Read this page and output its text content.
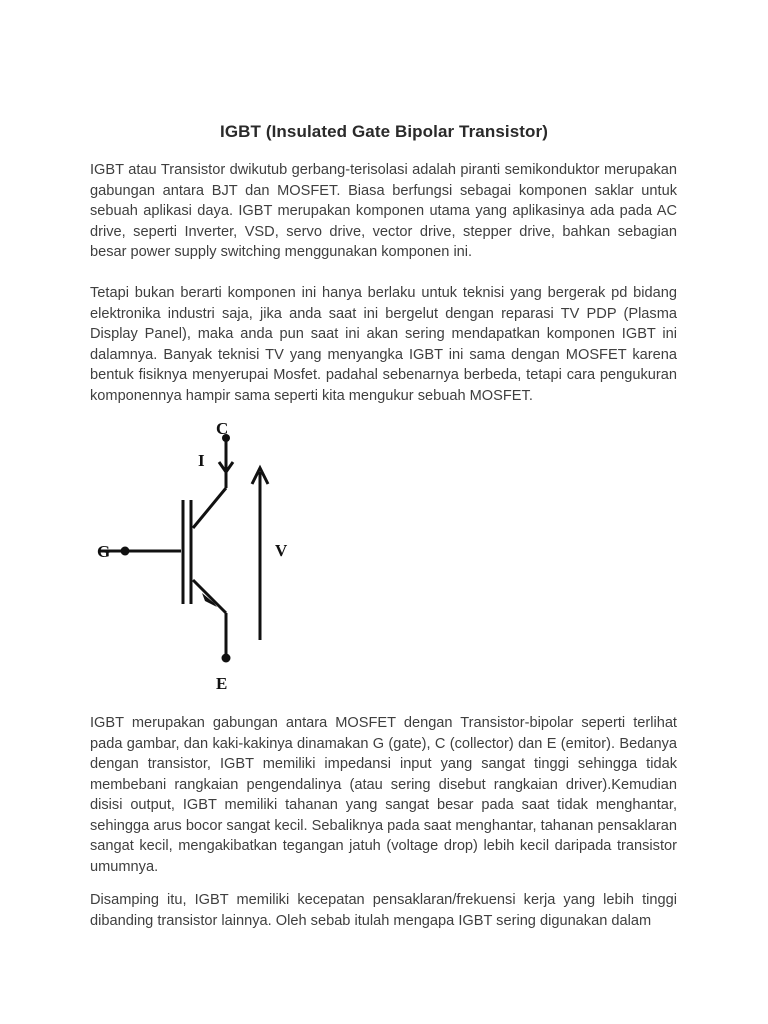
IGBT (Insulated Gate Bipolar Transistor)

IGBT atau Transistor dwikutub gerbang-terisolasi adalah piranti semikonduktor merupakan gabungan antara BJT dan MOSFET. Biasa berfungsi sebagai komponen saklar untuk sebuah aplikasi daya. IGBT merupakan komponen utama yang aplikasinya ada pada AC drive, seperti Inverter, VSD, servo drive, vector drive, stepper drive, bahkan sebagian besar power supply switching menggunakan komponen ini.

Tetapi bukan berarti komponen ini hanya berlaku untuk teknisi yang bergerak pd bidang elektronika industri saja, jika anda saat ini bergelut dengan reparasi TV PDP (Plasma Display Panel), maka anda pun saat ini akan sering mendapatkan komponen IGBT ini dalamnya. Banyak teknisi TV yang menyangka IGBT ini sama dengan MOSFET karena bentuk fisiknya menyerupai Mosfet. padahal sebenarnya berbeda, tetapi cara pengukuran komponennya hampir sama seperti kita mengukur sebuah MOSFET.

C
I
G	V
E

IGBT merupakan gabungan antara MOSFET dengan Transistor-bipolar seperti terlihat pada gambar, dan kaki-kakinya dinamakan G (gate), C (collector) dan E (emitor). Bedanya dengan transistor, IGBT memiliki impedansi input yang sangat tinggi sehingga tidak membebani rangkaian pengendalinya (atau sering disebut rangkaian driver).Kemudian disisi output, IGBT memiliki tahanan yang sangat besar pada saat tidak menghantar, sehingga arus bocor sangat kecil. Sebaliknya pada saat menghantar, tahanan pensaklaran sangat kecil, mengakibatkan tegangan jatuh (voltage drop) lebih kecil daripada transistor umumnya.

Disamping itu, IGBT memiliki kecepatan pensaklaran/frekuensi kerja yang lebih tinggi dibanding transistor lainnya. Oleh sebab itulah mengapa IGBT sering digunakan dalam
